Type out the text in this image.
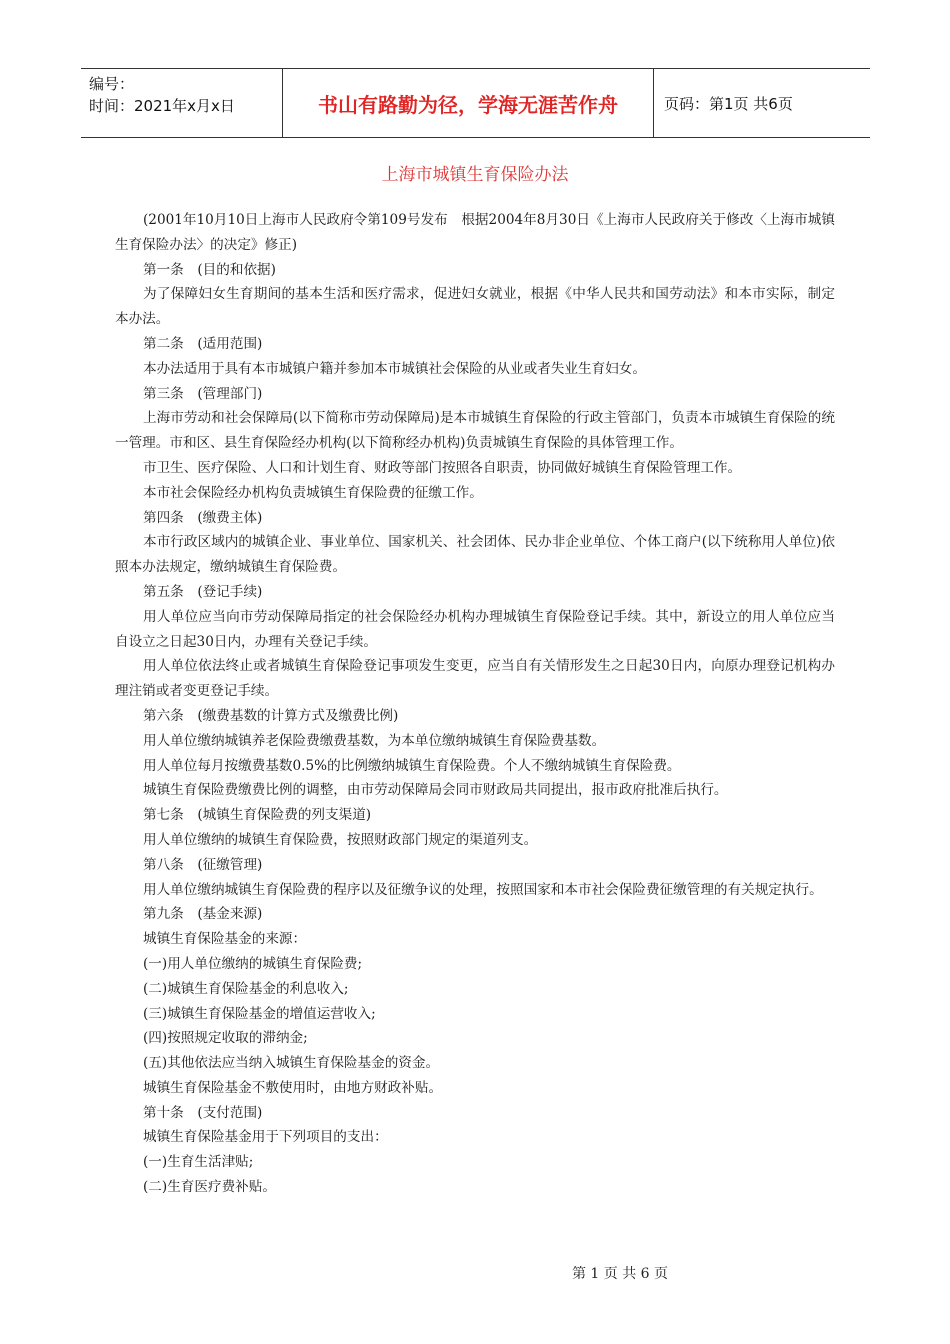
编号：
时间：2021年x月x日	书山有路勤为径，学海无涯苦作舟	页码：第1页 共6页
上海市城镇生育保险办法

(2001年10月10日上海市人民政府令第109号发布　根据2004年8月30日《上海市人民政府关于修改〈上海市城镇生育保险办法〉的决定》修正)

第一条　(目的和依据)

为了保障妇女生育期间的基本生活和医疗需求，促进妇女就业，根据《中华人民共和国劳动法》和本市实际，制定本办法。

第二条　(适用范围)

本办法适用于具有本市城镇户籍并参加本市城镇社会保险的从业或者失业生育妇女。

第三条　(管理部门)

上海市劳动和社会保障局(以下简称市劳动保障局)是本市城镇生育保险的行政主管部门，负责本市城镇生育保险的统一管理。市和区、县生育保险经办机构(以下简称经办机构)负责城镇生育保险的具体管理工作。

市卫生、医疗保险、人口和计划生育、财政等部门按照各自职责，协同做好城镇生育保险管理工作。

本市社会保险经办机构负责城镇生育保险费的征缴工作。

第四条　(缴费主体)

本市行政区域内的城镇企业、事业单位、国家机关、社会团体、民办非企业单位、个体工商户(以下统称用人单位)依照本办法规定，缴纳城镇生育保险费。

第五条　(登记手续)

用人单位应当向市劳动保障局指定的社会保险经办机构办理城镇生育保险登记手续。其中，新设立的用人单位应当自设立之日起30日内，办理有关登记手续。

用人单位依法终止或者城镇生育保险登记事项发生变更，应当自有关情形发生之日起30日内，向原办理登记机构办理注销或者变更登记手续。

第六条　(缴费基数的计算方式及缴费比例)

用人单位缴纳城镇养老保险费缴费基数，为本单位缴纳城镇生育保险费基数。

用人单位每月按缴费基数0.5%的比例缴纳城镇生育保险费。个人不缴纳城镇生育保险费。

城镇生育保险费缴费比例的调整，由市劳动保障局会同市财政局共同提出，报市政府批准后执行。

第七条　(城镇生育保险费的列支渠道)

用人单位缴纳的城镇生育保险费，按照财政部门规定的渠道列支。

第八条　(征缴管理)

用人单位缴纳城镇生育保险费的程序以及征缴争议的处理，按照国家和本市社会保险费征缴管理的有关规定执行。

第九条　(基金来源)

城镇生育保险基金的来源：

(一)用人单位缴纳的城镇生育保险费;

(二)城镇生育保险基金的利息收入;

(三)城镇生育保险基金的增值运营收入;

(四)按照规定收取的滞纳金;

(五)其他依法应当纳入城镇生育保险基金的资金。

城镇生育保险基金不敷使用时，由地方财政补贴。

第十条　(支付范围)

城镇生育保险基金用于下列项目的支出：

(一)生育生活津贴;

(二)生育医疗费补贴。

第 1 页 共 6 页
